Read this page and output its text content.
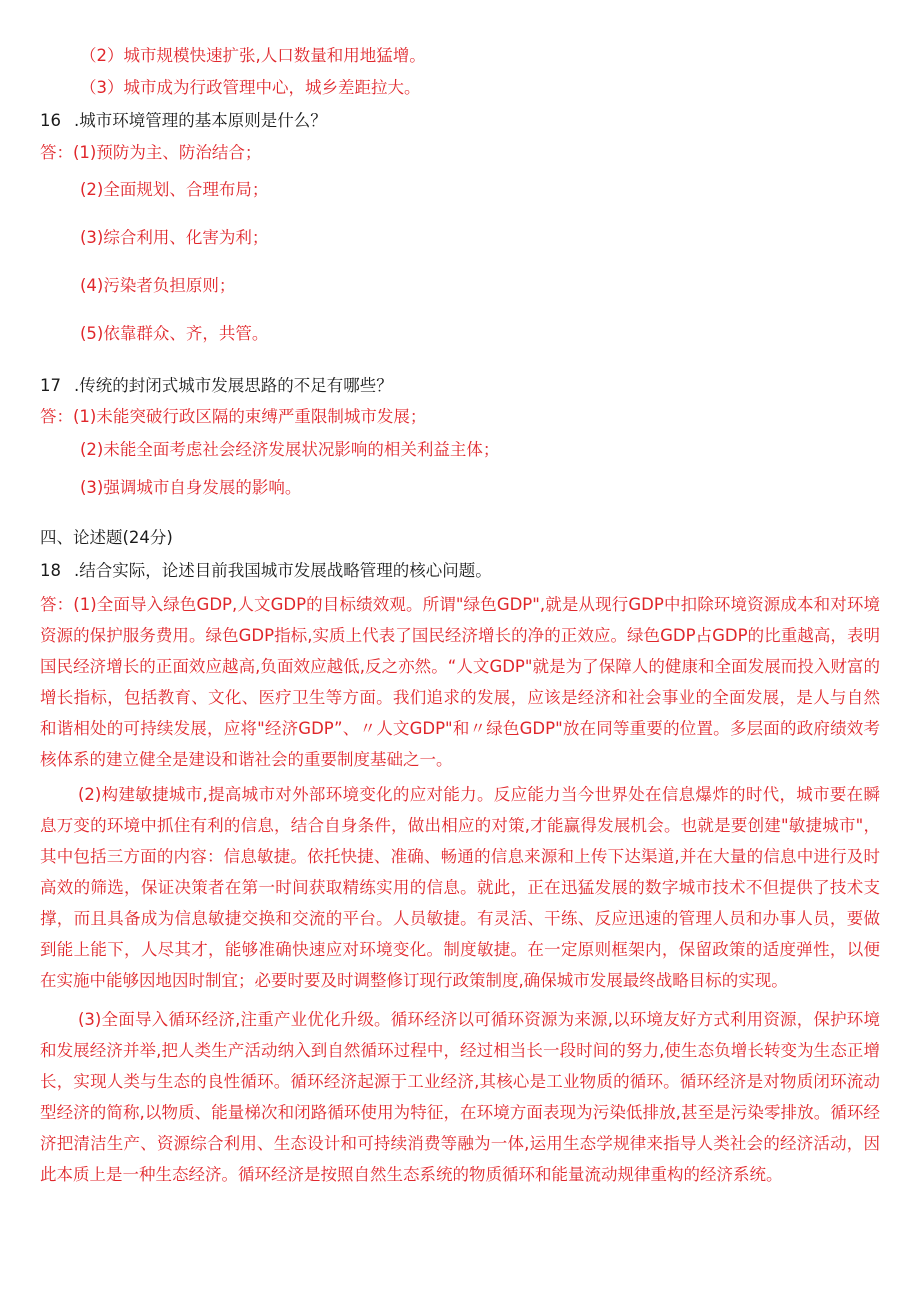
（2）城市规模快速扩张,人口数量和用地猛增。
（3）城市成为行政管理中心，城乡差距拉大。
16 .城市环境管理的基本原则是什么？
答：(1)预防为主、防治结合；
(2)全面规划、合理布局；
(3)综合利用、化害为利；
(4)污染者负担原则；
(5)依靠群众、齐，共管。
17 .传统的封闭式城市发展思路的不足有哪些？
答：(1)未能突破行政区隔的束缚严重限制城市发展；
(2)未能全面考虑社会经济发展状况影响的相关利益主体；
(3)强调城市自身发展的影响。
四、论述题(24分)
18 .结合实际，论述目前我国城市发展战略管理的核心问题。
答：(1)全面导入绿色GDP,人文GDP的目标绩效观。所谓"绿色GDP",就是从现行GDP中扣除环境资源成本和对环境资源的保护服务费用。绿色GDP指标,实质上代表了国民经济增长的净的正效应。绿色GDP占GDP的比重越高，表明国民经济增长的正面效应越高,负面效应越低,反之亦然。“人文GDP"就是为了保障人的健康和全面发展而投入财富的增长指标，包括教育、文化、医疗卫生等方面。我们追求的发展，应该是经济和社会事业的全面发展，是人与自然和谐相处的可持续发展，应将"经济GDP”、〃人文GDP"和〃绿色GDP"放在同等重要的位置。多层面的政府绩效考核体系的建立健全是建设和谐社会的重要制度基础之一。
(2)构建敏捷城市,提高城市对外部环境变化的应对能力。反应能力当今世界处在信息爆炸的时代，城市要在瞬息万变的环境中抓住有利的信息，结合自身条件，做出相应的对策,才能赢得发展机会。也就是要创建"敏捷城市"，其中包括三方面的内容：信息敏捷。依托快捷、准确、畅通的信息来源和上传下达渠道,并在大量的信息中进行及时高效的筛选，保证决策者在第一时间获取精练实用的信息。就此，正在迅猛发展的数字城市技术不但提供了技术支撑，而且具备成为信息敏捷交换和交流的平台。人员敏捷。有灵活、干练、反应迅速的管理人员和办事人员，要做到能上能下，人尽其才，能够准确快速应对环境变化。制度敏捷。在一定原则框架内，保留政策的适度弹性，以便在实施中能够因地因时制宜；必要时要及时调整修订现行政策制度,确保城市发展最终战略目标的实现。
(3)全面导入循环经济,注重产业优化升级。循环经济以可循环资源为来源,以环境友好方式利用资源，保护环境和发展经济并举,把人类生产活动纳入到自然循环过程中，经过相当长一段时间的努力,使生态负增长转变为生态正增长，实现人类与生态的良性循环。循环经济起源于工业经济,其核心是工业物质的循环。循环经济是对物质闭环流动型经济的简称,以物质、能量梯次和闭路循环使用为特征，在环境方面表现为污染低排放,甚至是污染零排放。循环经济把清洁生产、资源综合利用、生态设计和可持续消费等融为一体,运用生态学规律来指导人类社会的经济活动，因此本质上是一种生态经济。循环经济是按照自然生态系统的物质循环和能量流动规律重构的经济系统。
